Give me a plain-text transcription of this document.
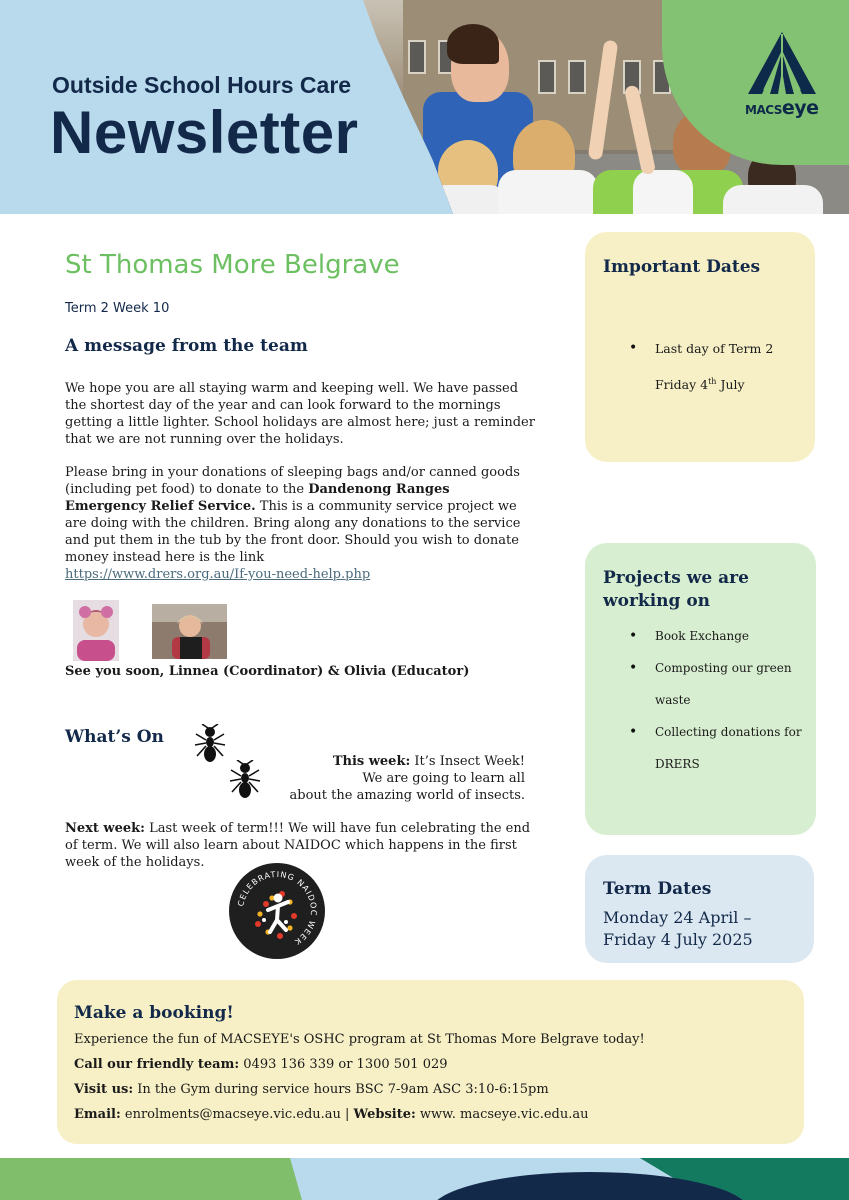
MACSeye
Outside School Hours Care
Newsletter
St Thomas More Belgrave
Term 2 Week 10
A message from the team
We hope you are all staying warm and keeping well. We have passed the shortest day of the year and can look forward to the mornings getting a little lighter. School holidays are almost here; just a reminder that we are not running over the holidays.
Please bring in your donations of sleeping bags and/or canned goods (including pet food) to donate to the Dandenong Ranges Emergency Relief Service. This is a community service project we are doing with the children. Bring along any donations to the service and put them in the tub by the front door. Should you wish to donate money instead here is the link
https://www.drers.org.au/If-you-need-help.php
See you soon, Linnea (Coordinator) & Olivia (Educator)
What’s On
This week: It’s Insect Week!
We are going to learn all
about the amazing world of insects.
Next week: Last week of term!!! We will have fun celebrating the end of term. We will also learn about NAIDOC which happens in the first week of the holidays.
CELEBRATING NAIDOC WEEK
Important Dates
• Last day of Term 2
Friday 4th July
Projects we are
working on
• Book Exchange
• Composting our green
waste
• Collecting donations for
DRERS
Term Dates
Monday 24 April –
Friday 4 July 2025
Make a booking!
Experience the fun of MACSEYE's OSHC program at St Thomas More Belgrave today!
Call our friendly team: 0493 136 339 or 1300 501 029
Visit us: In the Gym during service hours BSC 7-9am ASC 3:10-6:15pm
Email: enrolments@macseye.vic.edu.au | Website: www. macseye.vic.edu.au
